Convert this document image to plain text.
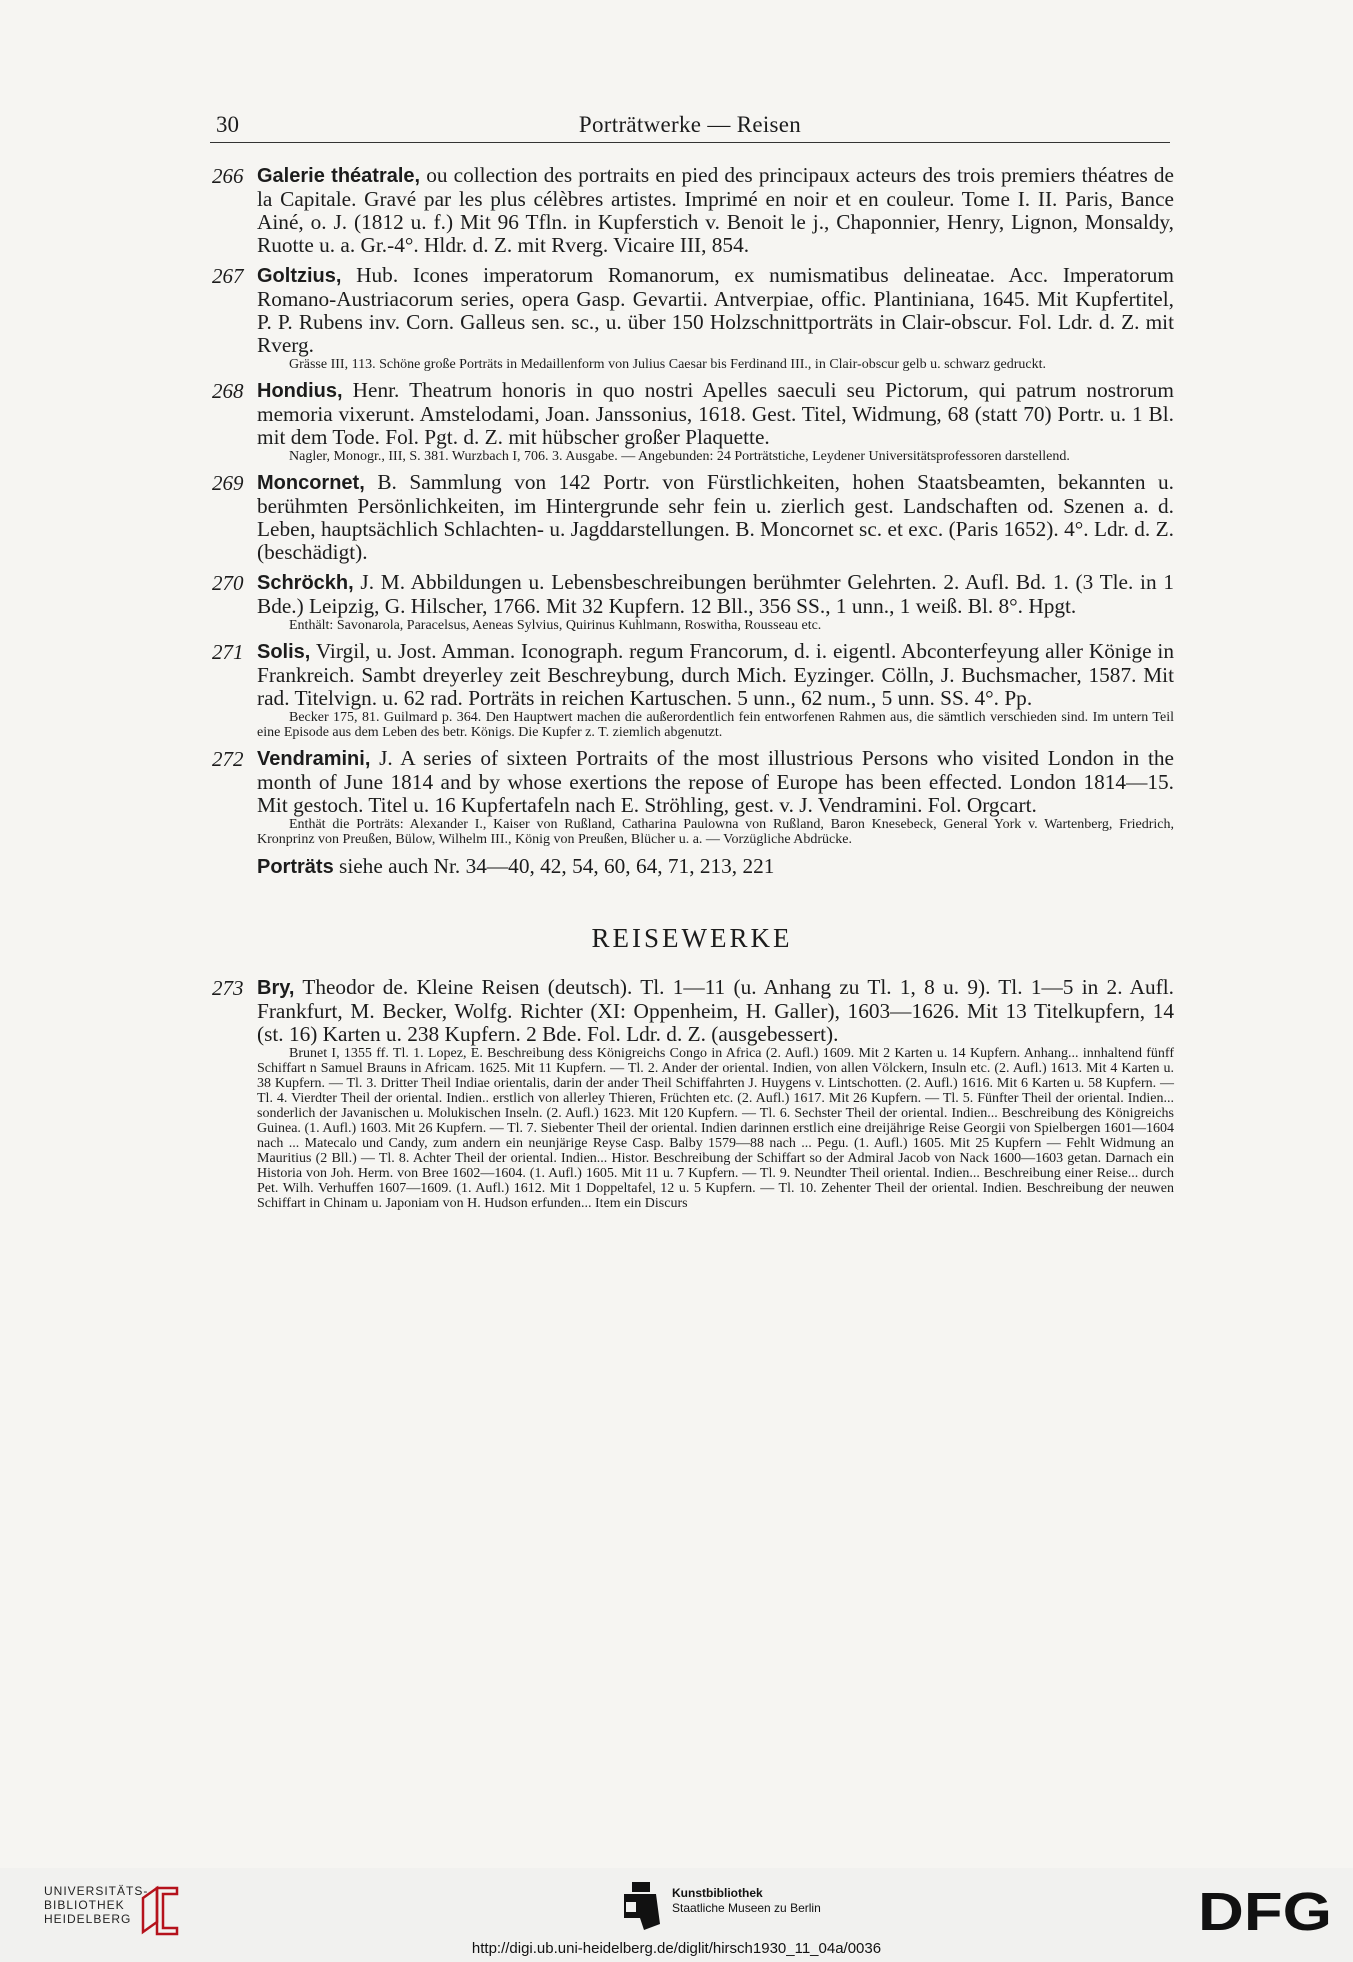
30	Porträtwerke — Reisen
266 Galerie théatrale, ou collection des portraits en pied des principaux acteurs des trois premiers théatres de la Capitale. Gravé par les plus célèbres artistes. Imprimé en noir et en couleur. Tome I. II. Paris, Bance Ainé, o. J. (1812 u. f.) Mit 96 Tfln. in Kupferstich v. Benoit le j., Chaponnier, Henry, Lignon, Monsaldy, Ruotte u. a. Gr.-4°. Hldr. d. Z. mit Rverg. Vicaire III, 854.
267 Goltzius, Hub. Icones imperatorum Romanorum, ex numismatibus delineatae. Acc. Imperatorum Romano-Austriacorum series, opera Gasp. Gevartii. Antverpiae, offic. Plantiniana, 1645. Mit Kupfertitel, P. P. Rubens inv. Corn. Galleus sen. sc., u. über 150 Holzschnittporträts in Clair-obscur. Fol. Ldr. d. Z. mit Rverg.
Grässe III, 113. Schöne große Porträts in Medaillenform von Julius Caesar bis Ferdinand III., in Clair-obscur gelb u. schwarz gedruckt.
268 Hondius, Henr. Theatrum honoris in quo nostri Apelles saeculi seu Pictorum, qui patrum nostrorum memoria vixerunt. Amstelodami, Joan. Janssonius, 1618. Gest. Titel, Widmung, 68 (statt 70) Portr. u. 1 Bl. mit dem Tode. Fol. Pgt. d. Z. mit hübscher großer Plaquette.
Nagler, Monogr., III, S. 381. Wurzbach I, 706. 3. Ausgabe. — Angebunden: 24 Porträtstiche, Leydener Universitätsprofessoren darstellend.
269 Moncornet, B. Sammlung von 142 Portr. von Fürstlichkeiten, hohen Staatsbeamten, bekannten u. berühmten Persönlichkeiten, im Hintergrunde sehr fein u. zierlich gest. Landschaften od. Szenen a. d. Leben, hauptsächlich Schlachten- u. Jagddarstellungen. B. Moncornet sc. et exc. (Paris 1652). 4°. Ldr. d. Z. (beschädigt).
270 Schröckh, J. M. Abbildungen u. Lebensbeschreibungen berühmter Gelehrten. 2. Aufl. Bd. 1. (3 Tle. in 1 Bde.) Leipzig, G. Hilscher, 1766. Mit 32 Kupfern. 12 Bll., 356 SS., 1 unn., 1 weiß. Bl. 8°. Hpgt.
Enthält: Savonarola, Paracelsus, Aeneas Sylvius, Quirinus Kuhlmann, Roswitha, Rousseau etc.
271 Solis, Virgil, u. Jost. Amman. Iconograph. regum Francorum, d. i. eigentl. Abconterfeyung aller Könige in Frankreich. Sambt dreyerley zeit Beschreybung, durch Mich. Eyzinger. Cölln, J. Buchsmacher, 1587. Mit rad. Titelvign. u. 62 rad. Porträts in reichen Kartuschen. 5 unn., 62 num., 5 unn. SS. 4°. Pp.
Becker 175, 81. Guilmard p. 364. Den Hauptwert machen die außerordentlich fein entworfenen Rahmen aus, die sämtlich verschieden sind. Im untern Teil eine Episode aus dem Leben des betr. Königs. Die Kupfer z. T. ziemlich abgenutzt.
272 Vendramini, J. A series of sixteen Portraits of the most illustrious Persons who visited London in the month of June 1814 and by whose exertions the repose of Europe has been effected. London 1814—15. Mit gestoch. Titel u. 16 Kupfertafeln nach E. Ströhling, gest. v. J. Vendramini. Fol. Orgcart.
Enthät die Porträts: Alexander I., Kaiser von Rußland, Catharina Paulowna von Rußland, Baron Knesebeck, General York v. Wartenberg, Friedrich, Kronprinz von Preußen, Bülow, Wilhelm III., König von Preußen, Blücher u. a. — Vorzügliche Abdrücke.
Porträts siehe auch Nr. 34—40, 42, 54, 60, 64, 71, 213, 221
REISEWERKE
273 Bry, Theodor de. Kleine Reisen (deutsch). Tl. 1—11 (u. Anhang zu Tl. 1, 8 u. 9). Tl. 1—5 in 2. Aufl. Frankfurt, M. Becker, Wolfg. Richter (XI: Oppenheim, H. Galler), 1603—1626. Mit 13 Titelkupfern, 14 (st. 16) Karten u. 238 Kupfern. 2 Bde. Fol. Ldr. d. Z. (ausgebessert).
Brunet I, 1355 ff. Tl. 1. Lopez, E. Beschreibung dess Königreichs Congo in Africa (2. Aufl.) 1609. Mit 2 Karten u. 14 Kupfern. Anhang... innhaltend fünff Schiffart n Samuel Brauns in Africam. 1625. Mit 11 Kupfern. — Tl. 2. Ander der oriental. Indien, von allen Völckern, Insuln etc. (2. Aufl.) 1613. Mit 4 Karten u. 38 Kupfern. — Tl. 3. Dritter Theil Indiae orientalis, darin der ander Theil Schiffahrten J. Huygens v. Lintschotten. (2. Aufl.) 1616. Mit 6 Karten u. 58 Kupfern. — Tl. 4. Vierdter Theil der oriental. Indien.. erstlich von allerley Thieren, Früchten etc. (2. Aufl.) 1617. Mit 26 Kupfern. — Tl. 5. Fünfter Theil der oriental. Indien... sonderlich der Javanischen u. Molukischen Inseln. (2. Aufl.) 1623. Mit 120 Kupfern. — Tl. 6. Sechster Theil der oriental. Indien... Beschreibung des Königreichs Guinea. (1. Aufl.) 1603. Mit 26 Kupfern. — Tl. 7. Siebenter Theil der oriental. Indien darinnen erstlich eine dreijährige Reise Georgii von Spielbergen 1601—1604 nach ... Matecalo und Candy, zum andern ein neunjärige Reyse Casp. Balby 1579—88 nach ... Pegu. (1. Aufl.) 1605. Mit 25 Kupfern — Fehlt Widmung an Mauritius (2 Bll.) — Tl. 8. Achter Theil der oriental. Indien... Histor. Beschreibung der Schiffart so der Admiral Jacob von Nack 1600—1603 getan. Darnach ein Historia von Joh. Herm. von Bree 1602—1604. (1. Aufl.) 1605. Mit 11 u. 7 Kupfern. — Tl. 9. Neundter Theil oriental. Indien... Beschreibung einer Reise... durch Pet. Wilh. Verhuffen 1607—1609. (1. Aufl.) 1612. Mit 1 Doppeltafel, 12 u. 5 Kupfern. — Tl. 10. Zehenter Theil der oriental. Indien. Beschreibung der neuwen Schiffart in Chinam u. Japoniam von H. Hudson erfunden... Item ein Discurs
UNIVERSITÄTS-
BIBLIOTHEK
HEIDELBERG
Kunstbibliothek
Staatliche Museen zu Berlin	DFG
http://digi.ub.uni-heidelberg.de/diglit/hirsch1930_11_04a/0036
